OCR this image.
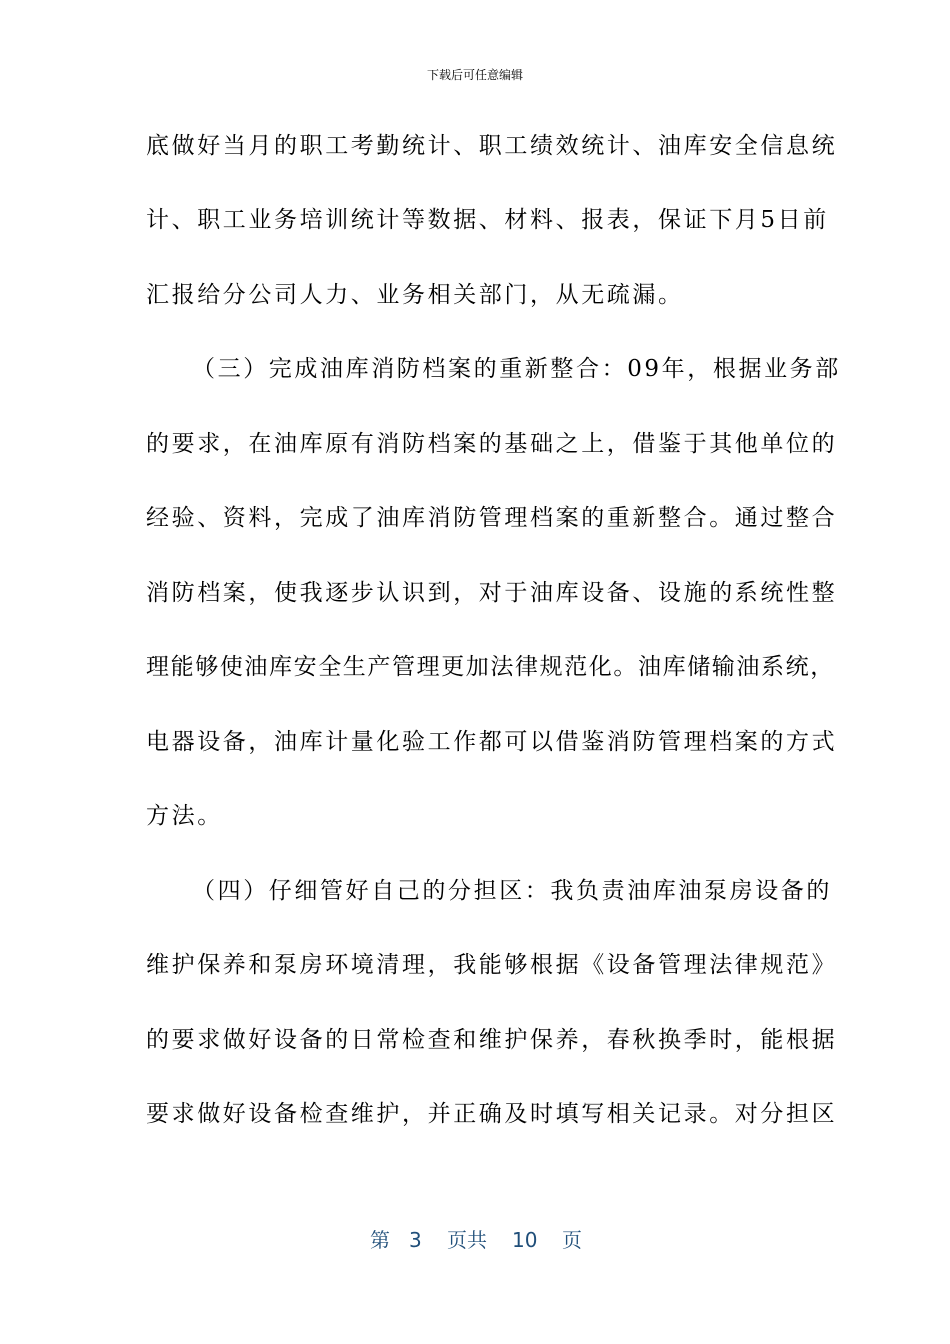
下载后可任意编辑
底做好当月的职工考勤统计、职工绩效统计、油库安全信息统
计、职工业务培训统计等数据、材料、报表，保证下月5日前
汇报给分公司人力、业务相关部门，从无疏漏。
（三）完成油库消防档案的重新整合：09年，根据业务部
的要求，在油库原有消防档案的基础之上，借鉴于其他单位的
经验、资料，完成了油库消防管理档案的重新整合。通过整合
消防档案，使我逐步认识到，对于油库设备、设施的系统性整
理能够使油库安全生产管理更加法律规范化。油库储输油系统，
电器设备，油库计量化验工作都可以借鉴消防管理档案的方式
方法。
（四）仔细管好自己的分担区：我负责油库油泵房设备的
维护保养和泵房环境清理，我能够根据《设备管理法律规范》
的要求做好设备的日常检查和维护保养，春秋换季时，能根据
要求做好设备检查维护，并正确及时填写相关记录。对分担区
第 3 页共 10 页
